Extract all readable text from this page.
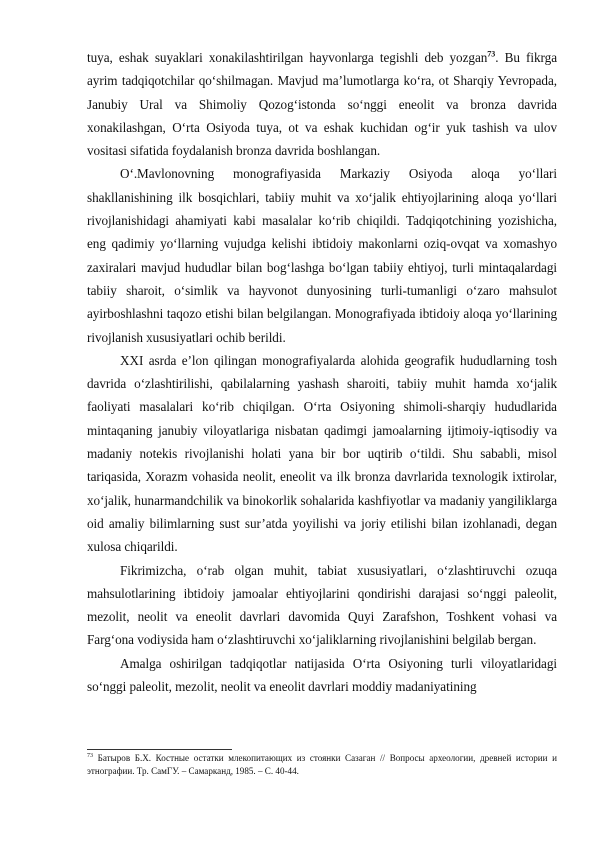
tuya, eshak suyaklari xonakilashtirilgan hayvonlarga tegishli deb yozgan$^{73}$. Bu fikrga ayrim tadqiqotchilar qo‘shilmagan. Mavjud ma’lumotlarga ko‘ra, ot Sharqiy Yevropada, Janubiy Ural va Shimoliy Qozog‘istonda so‘nggi eneolit va bronza davrida xonakilashgan, O‘rta Osiyoda tuya, ot va eshak kuchidan og‘ir yuk tashish va ulov vositasi sifatida foydalanish bronza davrida boshlangan.

O‘.Mavlonovning monografiyasida Markaziy Osiyoda aloqa yo‘llari shakllanishining ilk bosqichlari, tabiiy muhit va xo‘jalik ehtiyojlarining aloqa yo‘llari rivojlanishidagi ahamiyati kabi masalalar ko‘rib chiqildi. Tadqiqotchining yozishicha, eng qadimiy yo‘llarning vujudga kelishi ibtidoiy makonlarni oziq-ovqat va xomashyo zaxiralari mavjud hududlar bilan bog‘lashga bo‘lgan tabiiy ehtiyoj, turli mintaqalardagi tabiiy sharoit, o‘simlik va hayvonot dunyosining turli-tumanligi o‘zaro mahsulot ayirboshlashni taqozo etishi bilan belgilangan. Monografiyada ibtidoiy aloqa yo‘llarining rivojlanish xususiyatlari ochib berildi.

XXI asrda e’lon qilingan monografiyalarda alohida geografik hududlarning tosh davrida o‘zlashtirilishi, qabilalarning yashash sharoiti, tabiiy muhit hamda xo‘jalik faoliyati masalalari ko‘rib chiqilgan. O‘rta Osiyoning shimoli-sharqiy hududlarida mintaqaning janubiy viloyatlariga nisbatan qadimgi jamoalarning ijtimoiy-iqtisodiy va madaniy notekis rivojlanishi holati yana bir bor uqtirib o‘tildi. Shu sababli, misol tariqasida, Xorazm vohasida neolit, eneolit va ilk bronza davrlarida texnologik ixtirolar, xo‘jalik, hunarmandchilik va binokorlik sohalarida kashfiyotlar va madaniy yangiliklarga oid amaliy bilimlarning sust sur’atda yoyilishi va joriy etilishi bilan izohlanadi, degan xulosa chiqarildi.

Fikrimizcha, o‘rab olgan muhit, tabiat xususiyatlari, o‘zlashtiruvchi ozuqa mahsulotlarining ibtidoiy jamoalar ehtiyojlarini qondirishi darajasi so‘nggi paleolit, mezolit, neolit va eneolit davrlari davomida Quyi Zarafshon, Toshkent vohasi va Farg‘ona vodiysida ham o‘zlashtiruvchi xo‘jaliklarning rivojlanishini belgilab bergan.

Amalga oshirilgan tadqiqotlar natijasida O‘rta Osiyoning turli viloyatlaridagi so‘nggi paleolit, mezolit, neolit va eneolit davrlari moddiy madaniyatining

$^{73}$ Батыров Б.Х. Костные остатки млекопитающих из стоянки Сазаган // Вопросы археологии, древней истории и этнографии. Тр. СамГУ. – Самарканд, 1985. – С. 40-44.
